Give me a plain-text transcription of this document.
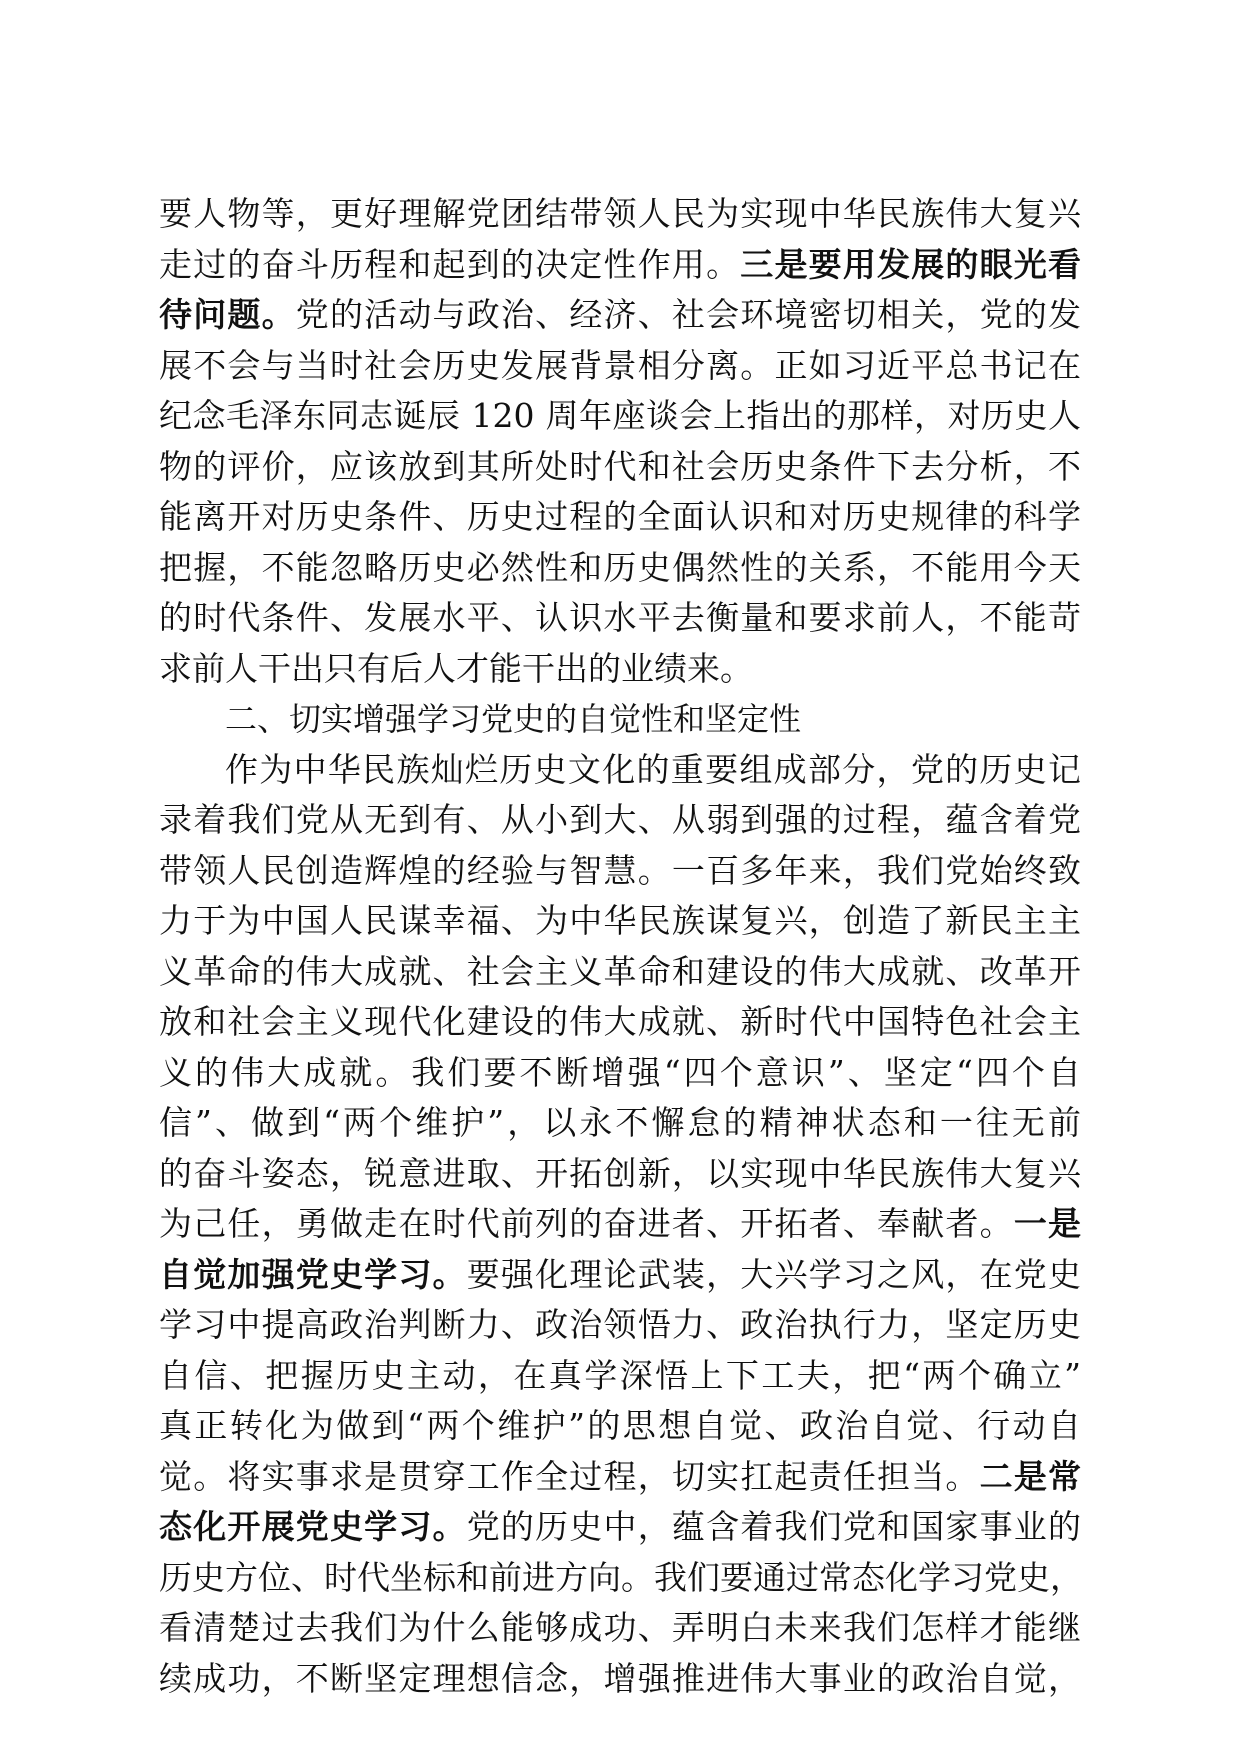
要人物等，更好理解党团结带领人民为实现中华民族伟大复兴
走过的奋斗历程和起到的决定性作用。三是要用发展的眼光看
待问题。党的活动与政治、经济、社会环境密切相关，党的发
展不会与当时社会历史发展背景相分离。正如习近平总书记在
纪念毛泽东同志诞辰 120 周年座谈会上指出的那样，对历史人
物的评价，应该放到其所处时代和社会历史条件下去分析，不
能离开对历史条件、历史过程的全面认识和对历史规律的科学
把握，不能忽略历史必然性和历史偶然性的关系，不能用今天
的时代条件、发展水平、认识水平去衡量和要求前人，不能苛
求前人干出只有后人才能干出的业绩来。
二、切实增强学习党史的自觉性和坚定性
作为中华民族灿烂历史文化的重要组成部分，党的历史记
录着我们党从无到有、从小到大、从弱到强的过程，蕴含着党
带领人民创造辉煌的经验与智慧。一百多年来，我们党始终致
力于为中国人民谋幸福、为中华民族谋复兴，创造了新民主主
义革命的伟大成就、社会主义革命和建设的伟大成就、改革开
放和社会主义现代化建设的伟大成就、新时代中国特色社会主
义的伟大成就。我们要不断增强“四个意识”、坚定“四个自
信”、做到“两个维护”，以永不懈怠的精神状态和一往无前
的奋斗姿态，锐意进取、开拓创新，以实现中华民族伟大复兴
为己任，勇做走在时代前列的奋进者、开拓者、奉献者。一是
自觉加强党史学习。要强化理论武装，大兴学习之风，在党史
学习中提高政治判断力、政治领悟力、政治执行力，坚定历史
自信、把握历史主动，在真学深悟上下工夫，把“两个确立”
真正转化为做到“两个维护”的思想自觉、政治自觉、行动自
觉。将实事求是贯穿工作全过程，切实扛起责任担当。二是常
态化开展党史学习。党的历史中，蕴含着我们党和国家事业的
历史方位、时代坐标和前进方向。我们要通过常态化学习党史，
看清楚过去我们为什么能够成功、弄明白未来我们怎样才能继
续成功，不断坚定理想信念，增强推进伟大事业的政治自觉，
